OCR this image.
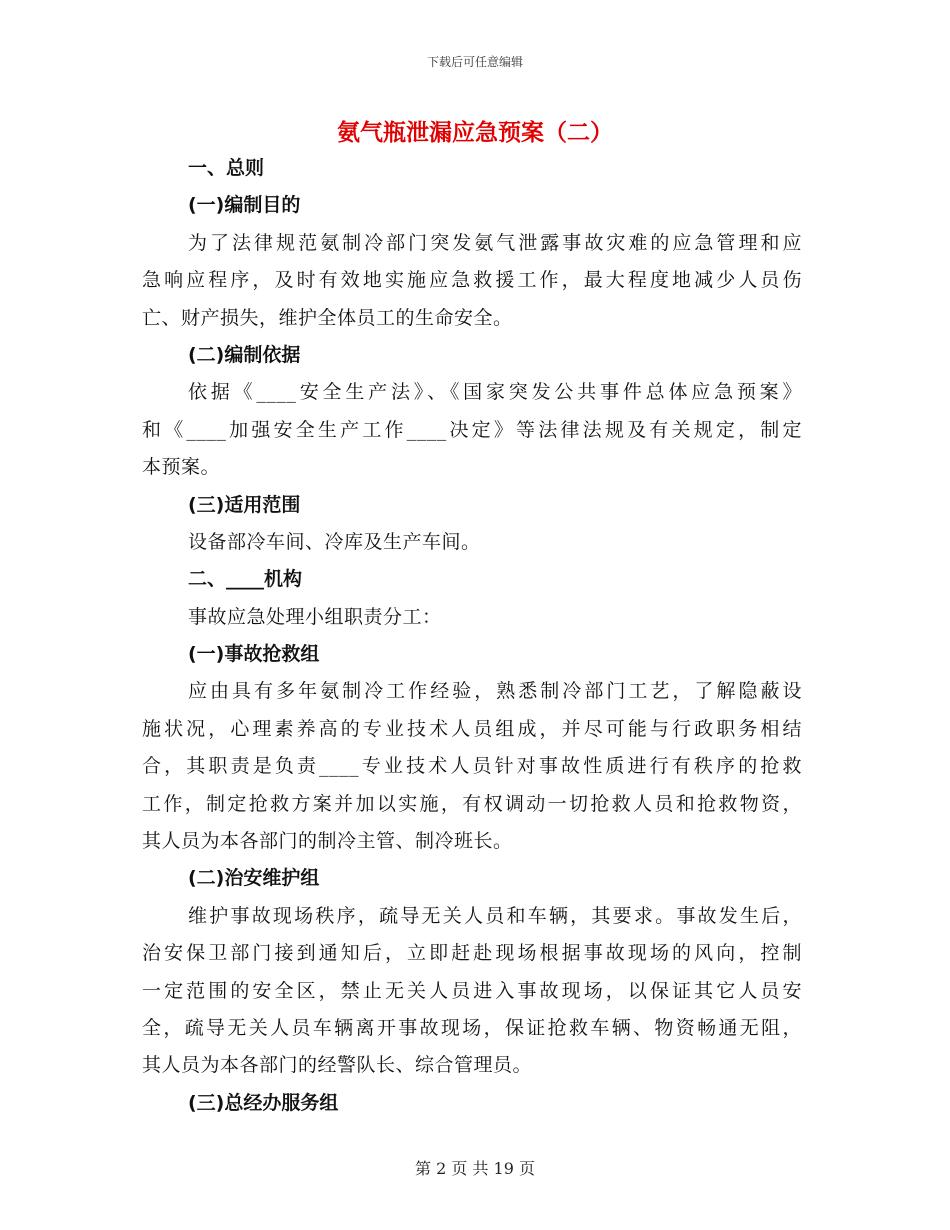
下载后可任意编辑
氨气瓶泄漏应急预案（二）
一、总则
(一)编制目的
为了法律规范氨制冷部门突发氨气泄露事故灾难的应急管理和应
急响应程序，及时有效地实施应急救援工作，最大程度地减少人员伤
亡、财产损失，维护全体员工的生命安全。
(二)编制依据
依据《____安全生产法》、《国家突发公共事件总体应急预案》
和《____加强安全生产工作____决定》等法律法规及有关规定，制定
本预案。
(三)适用范围
设备部冷车间、冷库及生产车间。
二、____机构
事故应急处理小组职责分工：
(一)事故抢救组
应由具有多年氨制冷工作经验，熟悉制冷部门工艺，了解隐蔽设
施状况，心理素养高的专业技术人员组成，并尽可能与行政职务相结
合，其职责是负责____专业技术人员针对事故性质进行有秩序的抢救
工作，制定抢救方案并加以实施，有权调动一切抢救人员和抢救物资，
其人员为本各部门的制冷主管、制冷班长。
(二)治安维护组
维护事故现场秩序，疏导无关人员和车辆，其要求。事故发生后，
治安保卫部门接到通知后，立即赶赴现场根据事故现场的风向，控制
一定范围的安全区，禁止无关人员进入事故现场，以保证其它人员安
全，疏导无关人员车辆离开事故现场，保证抢救车辆、物资畅通无阻，
其人员为本各部门的经警队长、综合管理员。
(三)总经办服务组
第 2 页 共 19 页
